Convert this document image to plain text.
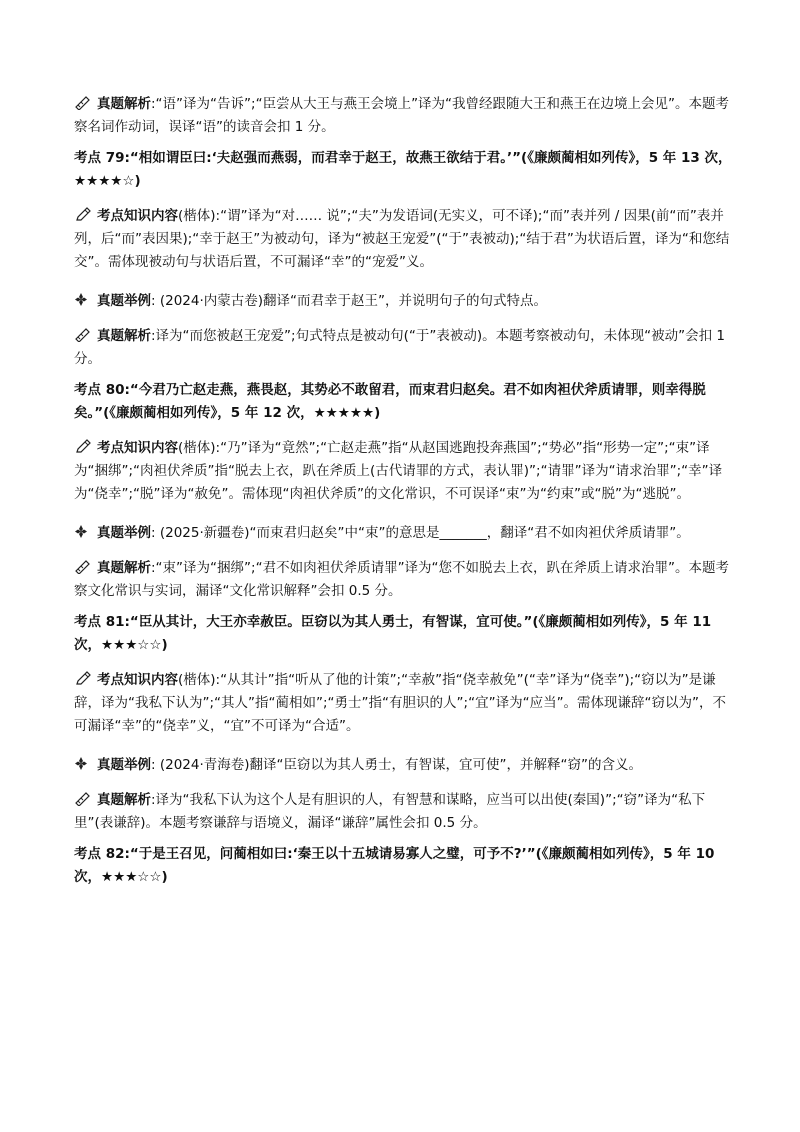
真题解析:“语”译为“告诉”;“臣尝从大王与燕王会境上”译为“我曾经跟随大王和燕王在边境上会见”。本题考察名词作动词，误译“语”的读音会扣 1 分。

考点 79:“相如谓臣曰:‘夫赵强而燕弱，而君幸于赵王，故燕王欲结于君。’”(《廉颇蔺相如列传》，5 年 13 次，★★★★☆)

考点知识内容(楷体):“谓”译为“对…… 说”;“夫”为发语词(无实义，可不译);“而”表并列 / 因果(前“而”表并列，后“而”表因果);“幸于赵王”为被动句，译为“被赵王宠爱”(“于”表被动);“结于君”为状语后置，译为“和您结交”。需体现被动句与状语后置，不可漏译“幸”的“宠爱”义。

真题举例: (2024·内蒙古卷)翻译“而君幸于赵王”，并说明句子的句式特点。

真题解析:译为“而您被赵王宠爱”;句式特点是被动句(“于”表被动)。本题考察被动句，未体现“被动”会扣 1 分。

考点 80:“今君乃亡赵走燕，燕畏赵，其势必不敢留君，而束君归赵矣。君不如肉袒伏斧质请罪，则幸得脱矣。”(《廉颇蔺相如列传》，5 年 12 次，★★★★★)

考点知识内容(楷体):“乃”译为“竟然”;“亡赵走燕”指“从赵国逃跑投奔燕国”;“势必”指“形势一定”;“束”译为“捆绑”;“肉袒伏斧质”指“脱去上衣，趴在斧质上(古代请罪的方式，表认罪)”;“请罪”译为“请求治罪”;“幸”译为“侥幸”;“脱”译为“赦免”。需体现“肉袒伏斧质”的文化常识，不可误译“束”为“约束”或“脱”为“逃脱”。

真题举例: (2025·新疆卷)“而束君归赵矣”中“束”的意思是_______，翻译“君不如肉袒伏斧质请罪”。

真题解析:“束”译为“捆绑”;“君不如肉袒伏斧质请罪”译为“您不如脱去上衣，趴在斧质上请求治罪”。本题考察文化常识与实词，漏译“文化常识解释”会扣 0.5 分。

考点 81:“臣从其计，大王亦幸赦臣。臣窃以为其人勇士，有智谋，宜可使。”(《廉颇蔺相如列传》，5 年 11 次，★★★☆☆)

考点知识内容(楷体):“从其计”指“听从了他的计策”;“幸赦”指“侥幸赦免”(“幸”译为“侥幸”);“窃以为”是谦辞，译为“我私下认为”;“其人”指“蔺相如”;“勇士”指“有胆识的人”;“宜”译为“应当”。需体现谦辞“窃以为”，不可漏译“幸”的“侥幸”义，“宜”不可译为“合适”。

真题举例: (2024·青海卷)翻译“臣窃以为其人勇士，有智谋，宜可使”，并解释“窃”的含义。

真题解析:译为“我私下认为这个人是有胆识的人，有智慧和谋略，应当可以出使(秦国)”;“窃”译为“私下里”(表谦辞)。本题考察谦辞与语境义，漏译“谦辞”属性会扣 0.5 分。

考点 82:“于是王召见，问蔺相如曰:‘秦王以十五城请易寡人之璧，可予不?’”(《廉颇蔺相如列传》，5 年 10 次，★★★☆☆)
